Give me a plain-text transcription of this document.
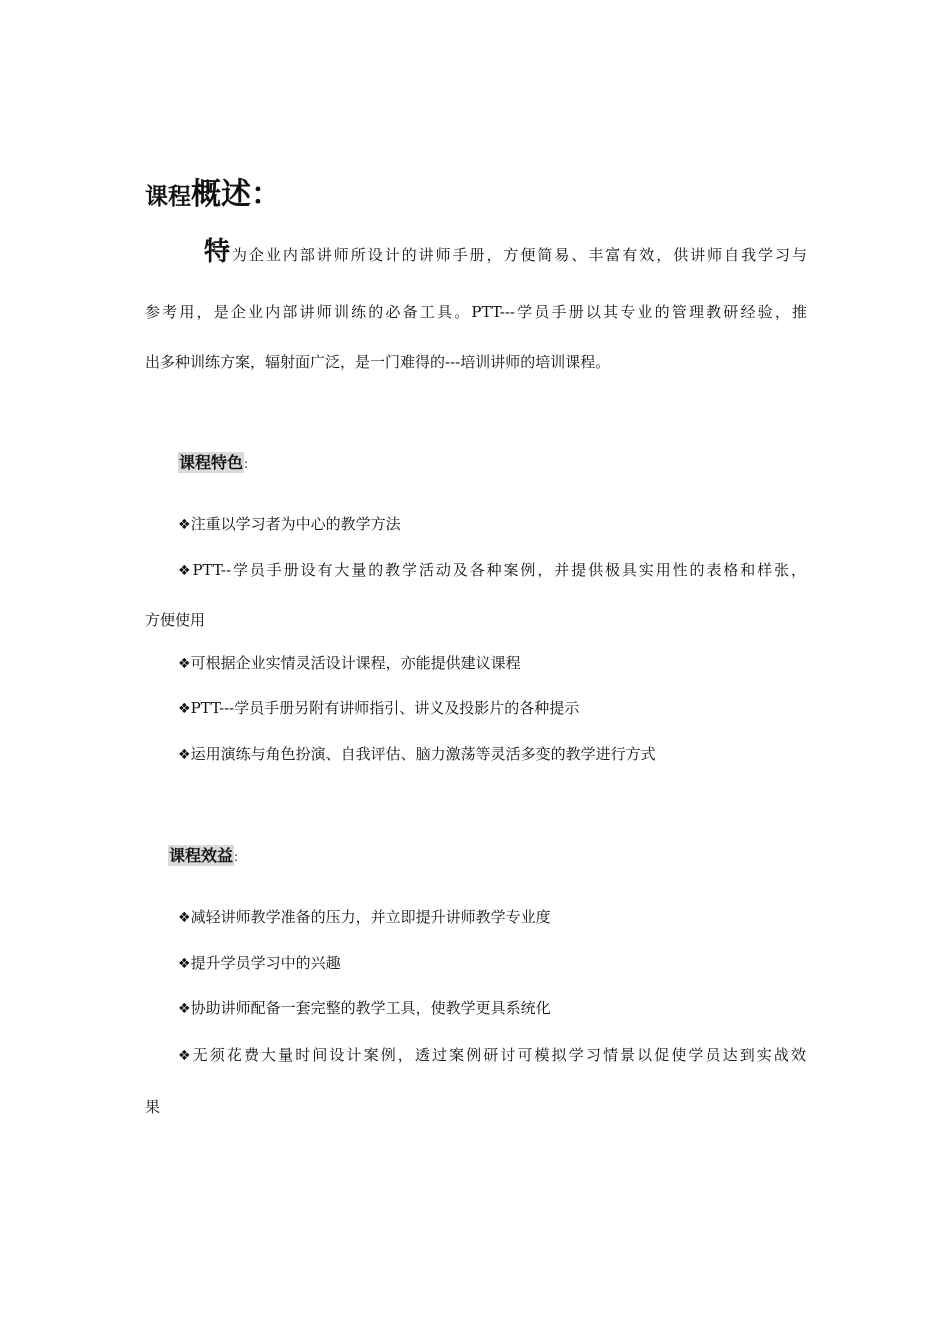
课程概述：
特为企业内部讲师所设计的讲师手册，方便简易、丰富有效，供讲师自我学习与
参考用，是企业内部讲师训练的必备工具。PTT---学员手册以其专业的管理教研经验，推
出多种训练方案，辐射面广泛，是一门难得的---培训讲师的培训课程。
课程特色:
❖注重以学习者为中心的教学方法
❖PTT--学员手册设有大量的教学活动及各种案例，并提供极具实用性的表格和样张，
方便使用
❖可根据企业实情灵活设计课程，亦能提供建议课程
❖PTT---学员手册另附有讲师指引、讲义及投影片的各种提示
❖运用演练与角色扮演、自我评估、脑力激荡等灵活多变的教学进行方式
课程效益:
❖减轻讲师教学准备的压力，并立即提升讲师教学专业度
❖提升学员学习中的兴趣
❖协助讲师配备一套完整的教学工具，使教学更具系统化
❖无须花费大量时间设计案例，透过案例研讨可模拟学习情景以促使学员达到实战效
果
